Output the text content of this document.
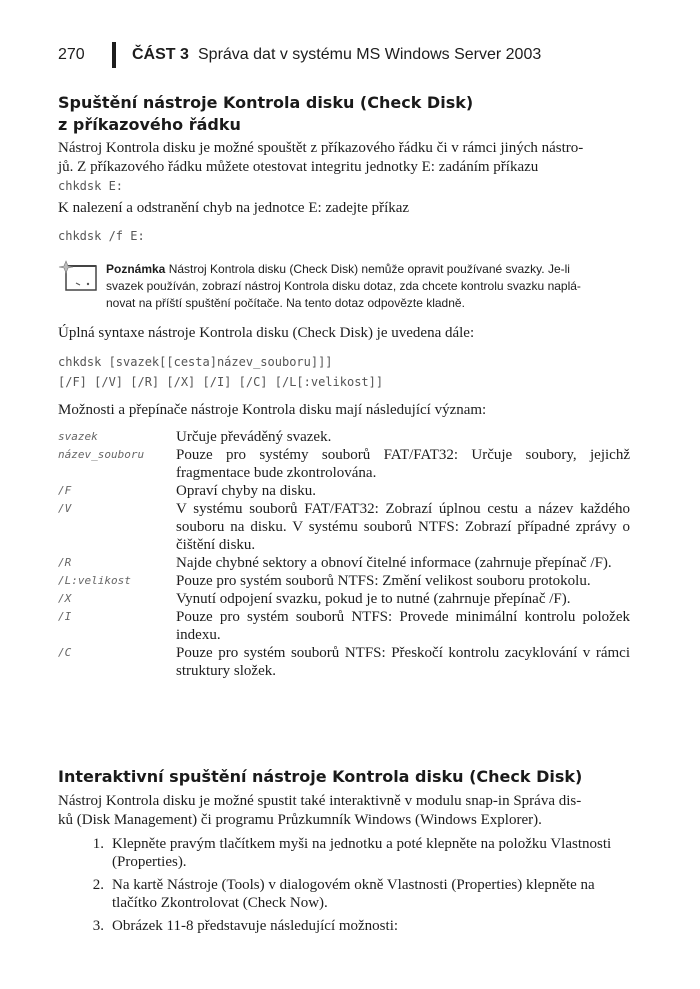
270	ČÁST 3 Správa dat v systému MS Windows Server 2003
Spuštění nástroje Kontrola disku (Check Disk)
z příkazového řádku

Nástroj Kontrola disku je možné spouštět z příkazového řádku či v rámci jiných nástro-
jů. Z příkazového řádku můžete otestovat integritu jednotky E: zadáním příkazu

chkdsk E:

K nalezení a odstranění chyb na jednotce E: zadejte příkaz

chkdsk /f E:
Poznámka Nástroj Kontrola disku (Check Disk) nemůže opravit používané svazky. Je-li
svazek používán, zobrazí nástroj Kontrola disku dotaz, zda chcete kontrolu svazku naplá-
novat na příští spuštění počítače. Na tento dotaz odpovězte kladně.

Úplná syntaxe nástroje Kontrola disku (Check Disk) je uvedena dále:

chkdsk [svazek[[cesta]název_souboru]]]
[/F] [/V] [/R] [/X] [/I] [/C] [/L[:velikost]]

Možnosti a přepínače nástroje Kontrola disku mají následující význam:

svazek	Určuje převáděný svazek.
název_souboru	Pouze pro systémy souborů FAT/FAT32: Určuje soubory, jejichž fragmentace bude zkontrolována.
/F	Opraví chyby na disku.
/V	V systému souborů FAT/FAT32: Zobrazí úplnou cestu a název každého souboru na disku. V systému souborů NTFS: Zobrazí případné zprávy o čištění disku.
/R	Najde chybné sektory a obnoví čitelné informace (zahrnuje přepínač /F).
/L:velikost	Pouze pro systém souborů NTFS: Změní velikost souboru protokolu.
/X	Vynutí odpojení svazku, pokud je to nutné (zahrnuje přepínač /F).
/I	Pouze pro systém souborů NTFS: Provede minimální kontrolu položek indexu.
/C	Pouze pro systém souborů NTFS: Přeskočí kontrolu zacyklování v rámci struktury složek.
Interaktivní spuštění nástroje Kontrola disku (Check Disk)

Nástroj Kontrola disku je možné spustit také interaktivně v modulu snap-in Správa dis-
ků (Disk Management) či programu Průzkumník Windows (Windows Explorer).

1. Klepněte pravým tlačítkem myši na jednotku a poté klepněte na položku Vlastnosti (Properties).
2. Na kartě Nástroje (Tools) v dialogovém okně Vlastnosti (Properties) klepněte na tlačítko Zkontrolovat (Check Now).
3. Obrázek 11-8 představuje následující možnosti:
